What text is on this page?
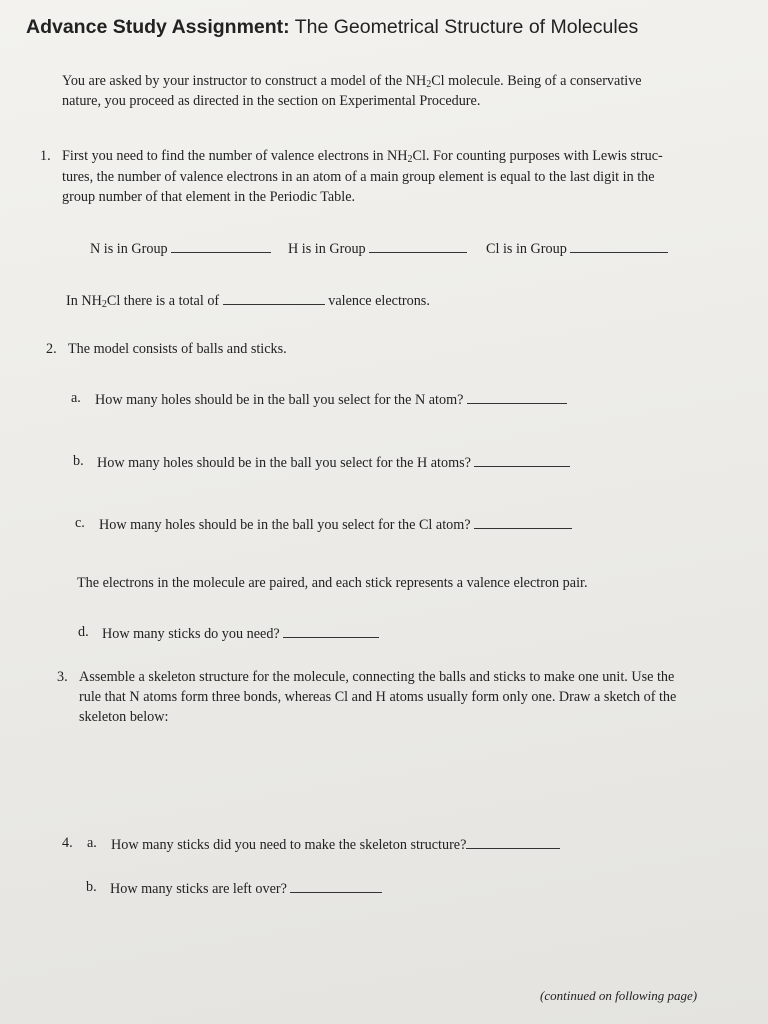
Advance Study Assignment: The Geometrical Structure of Molecules
You are asked by your instructor to construct a model of the $NH_2Cl$ molecule. Being of a conservative
nature, you proceed as directed in the section on Experimental Procedure.
1. First you need to find the number of valence electrons in $NH_2Cl$. For counting purposes with Lewis struc-
tures, the number of valence electrons in an atom of a main group element is equal to the last digit in the
group number of that element in the Periodic Table.
N is in Group	H is in Group	Cl is in Group
In $NH_2Cl$ there is a total of	valence electrons.
2. The model consists of balls and sticks.
a. How many holes should be in the ball you select for the N atom?
b. How many holes should be in the ball you select for the H atoms?
c. How many holes should be in the ball you select for the Cl atom?
The electrons in the molecule are paired, and each stick represents a valence electron pair.
d. How many sticks do you need?
3. Assemble a skeleton structure for the molecule, connecting the balls and sticks to make one unit. Use the
rule that N atoms form three bonds, whereas Cl and H atoms usually form only one. Draw a sketch of the
skeleton below:
4. a. How many sticks did you need to make the skeleton structure?
b. How many sticks are left over?
(continued on following page)
